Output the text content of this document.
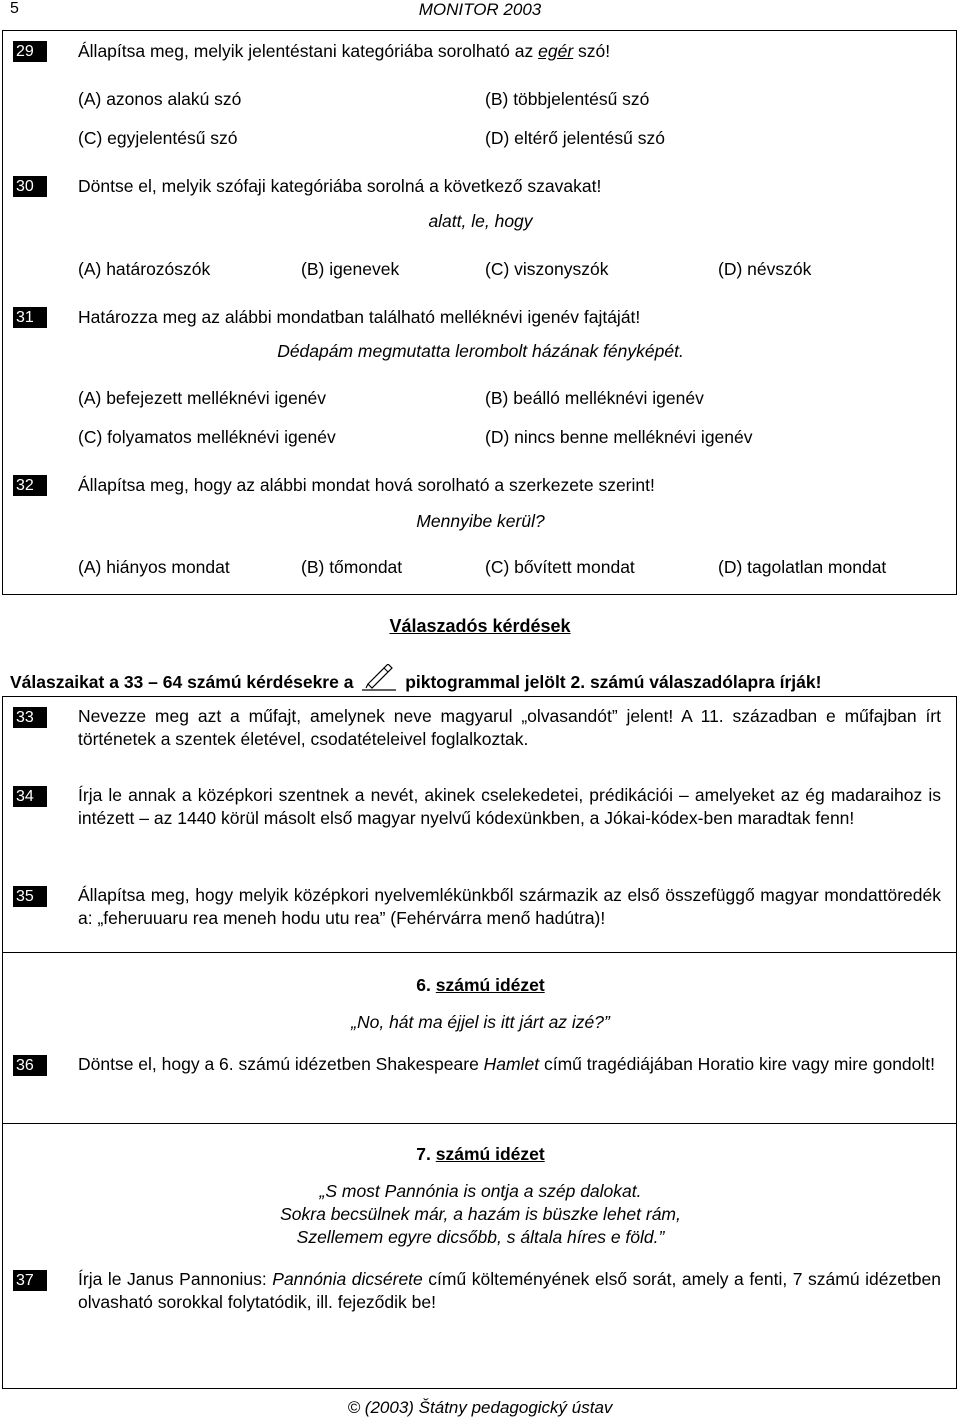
5	MONITOR 2003
29	Állapítsa meg, melyik jelentéstani kategóriába sorolható az egér szó!
(A) azonos alakú szó	(B) többjelentésű szó
(C) egyjelentésű szó	(D) eltérő jelentésű szó
30	Döntse el, melyik szófaji kategóriába sorolná a következő szavakat!
alatt, le, hogy
(A) határozószók	(B) igenevek	(C) viszonyszók	(D) névszók
31	Határozza meg az alábbi mondatban található melléknévi igenév fajtáját!
Dédapám megmutatta lerombolt házának fényképét.
(A) befejezett melléknévi igenév	(B) beálló melléknévi igenév
(C) folyamatos melléknévi igenév	(D) nincs benne melléknévi igenév
32	Állapítsa meg, hogy az alábbi mondat hová sorolható a szerkezete szerint!
Mennyibe kerül?
(A) hiányos mondat	(B) tőmondat	(C) bővített mondat	(D) tagolatlan mondat
Válaszadós kérdések
Válaszaikat a 33 – 64 számú kérdésekre a	piktogrammal jelölt 2. számú válaszadólapra írják!
33	Nevezze meg azt a műfajt, amelynek neve magyarul „olvasandót” jelent! A 11. században e műfajban írt történetek a szentek életével, csodatételeivel foglalkoztak.
34	Írja le annak a középkori szentnek a nevét, akinek cselekedetei, prédikációi – amelyeket az ég madaraihoz is intézett – az 1440 körül másolt első magyar nyelvű kódexünkben, a Jókai-kódex-ben maradtak fenn!
35	Állapítsa meg, hogy melyik középkori nyelvemlékünkből származik az első összefüggő magyar mondattöredék a: „feheruuaru rea meneh hodu utu rea” (Fehérvárra menő hadútra)!
6. számú idézet
„No, hát ma éjjel is itt járt az izé?”
36	Döntse el, hogy a 6. számú idézetben Shakespeare Hamlet című tragédiájában Horatio kire vagy mire gondolt!
7. számú idézet
„S most Pannónia is ontja a szép dalokat.
Sokra becsülnek már, a hazám is büszke lehet rám,
Szellemem egyre dicsőbb, s általa híres e föld.”
37	Írja le Janus Pannonius: Pannónia dicsérete című költeményének első sorát, amely a fenti, 7 számú idézetben olvasható sorokkal folytatódik, ill. fejeződik be!
© (2003) Štátny pedagogický ústav
